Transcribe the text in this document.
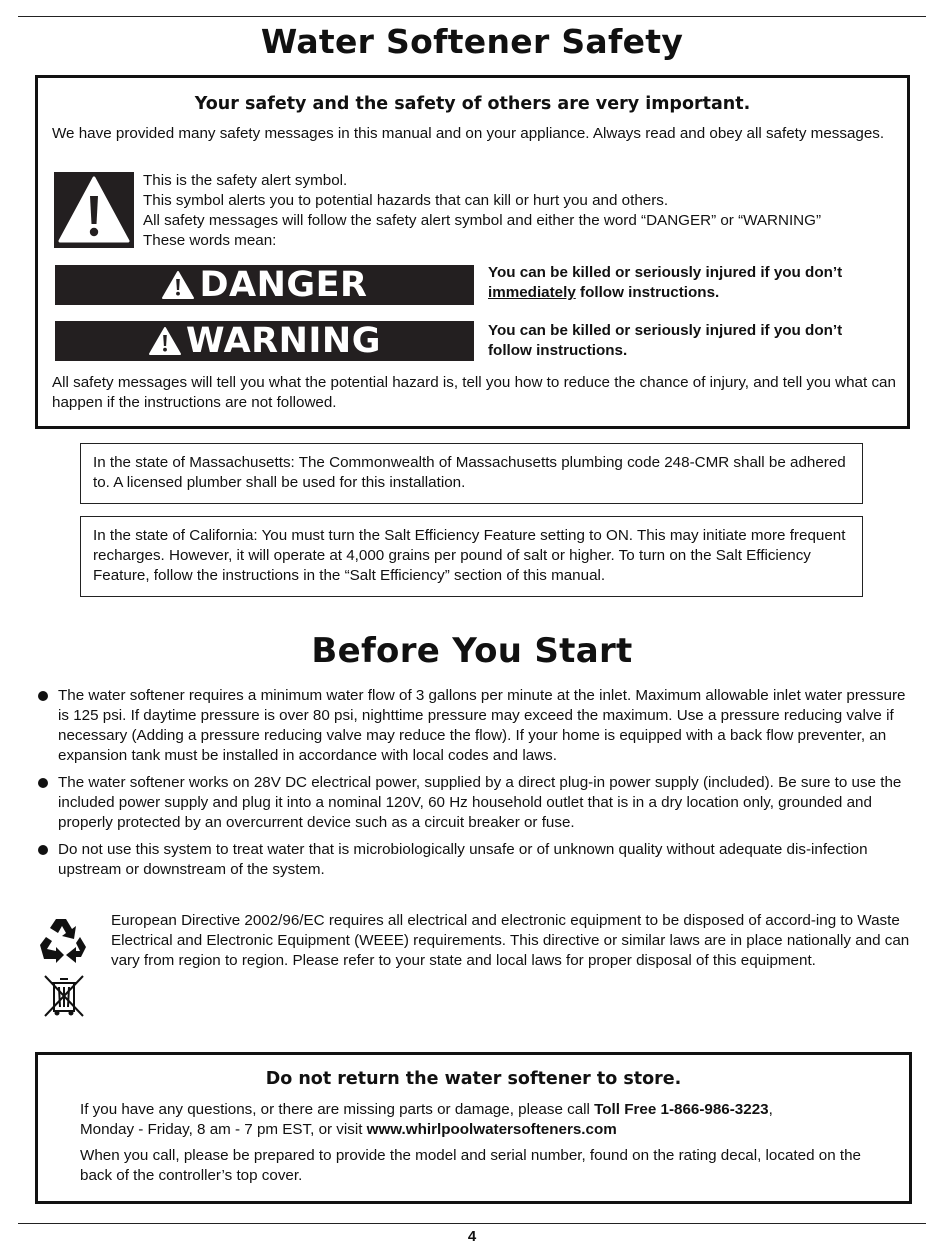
Water Softener Safety
Your safety and the safety of others are very important.

We have provided many safety messages in this manual and on your appliance. Always read and obey all safety messages.

This is the safety alert symbol.

This symbol alerts you to potential hazards that can kill or hurt you and others.

All safety messages will follow the safety alert symbol and either the word “DANGER” or “WARNING”

These words mean:

DANGER	You can be killed or seriously injured if you don’t
immediately follow instructions.
WARNING	You can be killed or seriously injured if you don’t follow instructions.

All safety messages will tell you what the potential hazard is, tell you how to reduce the chance of injury, and tell you what can happen if the instructions are not followed.

In the state of Massachusetts: The Commonwealth of Massachusetts plumbing code 248-CMR shall be adhered to. A licensed plumber shall be used for this installation.

In the state of California: You must turn the Salt Efficiency Feature setting to ON. This may initiate more frequent recharges. However, it will operate at 4,000 grains per pound of salt or higher. To turn on the Salt Efficiency Feature, follow the instructions in the “Salt Efficiency” section of this manual.

Before You Start
The water softener requires a minimum water flow of 3 gallons per minute at the inlet. Maximum allowable inlet water pressure is 125 psi. If daytime pressure is over 80 psi, nighttime pressure may exceed the maximum. Use a pressure reducing valve if necessary (Adding a pressure reducing valve may reduce the flow). If your home is equipped with a back flow preventer, an expansion tank must be installed in accordance with local codes and laws.
The water softener works on 28V DC electrical power, supplied by a direct plug-in power supply (included). Be sure to use the included power supply and plug it into a nominal 120V, 60 Hz household outlet that is in a dry location only, grounded and properly protected by an overcurrent device such as a circuit breaker or fuse.
Do not use this system to treat water that is microbiologically unsafe or of unknown quality without adequate dis-infection upstream or downstream of the system.

European Directive 2002/96/EC requires all electrical and electronic equipment to be disposed of accord-ing to Waste Electrical and Electronic Equipment (WEEE) requirements. This directive or similar laws are in place nationally and can vary from region to region. Please refer to your state and local laws for proper disposal of this equipment.

Do not return the water softener to store.

If you have any questions, or there are missing parts or damage, please call Toll Free 1-866-986-3223,
Monday - Friday, 8 am - 7 pm EST, or visit www.whirlpoolwatersofteners.com

When you call, please be prepared to provide the model and serial number, found on the rating decal, located on the back of the controller’s top cover.

4
